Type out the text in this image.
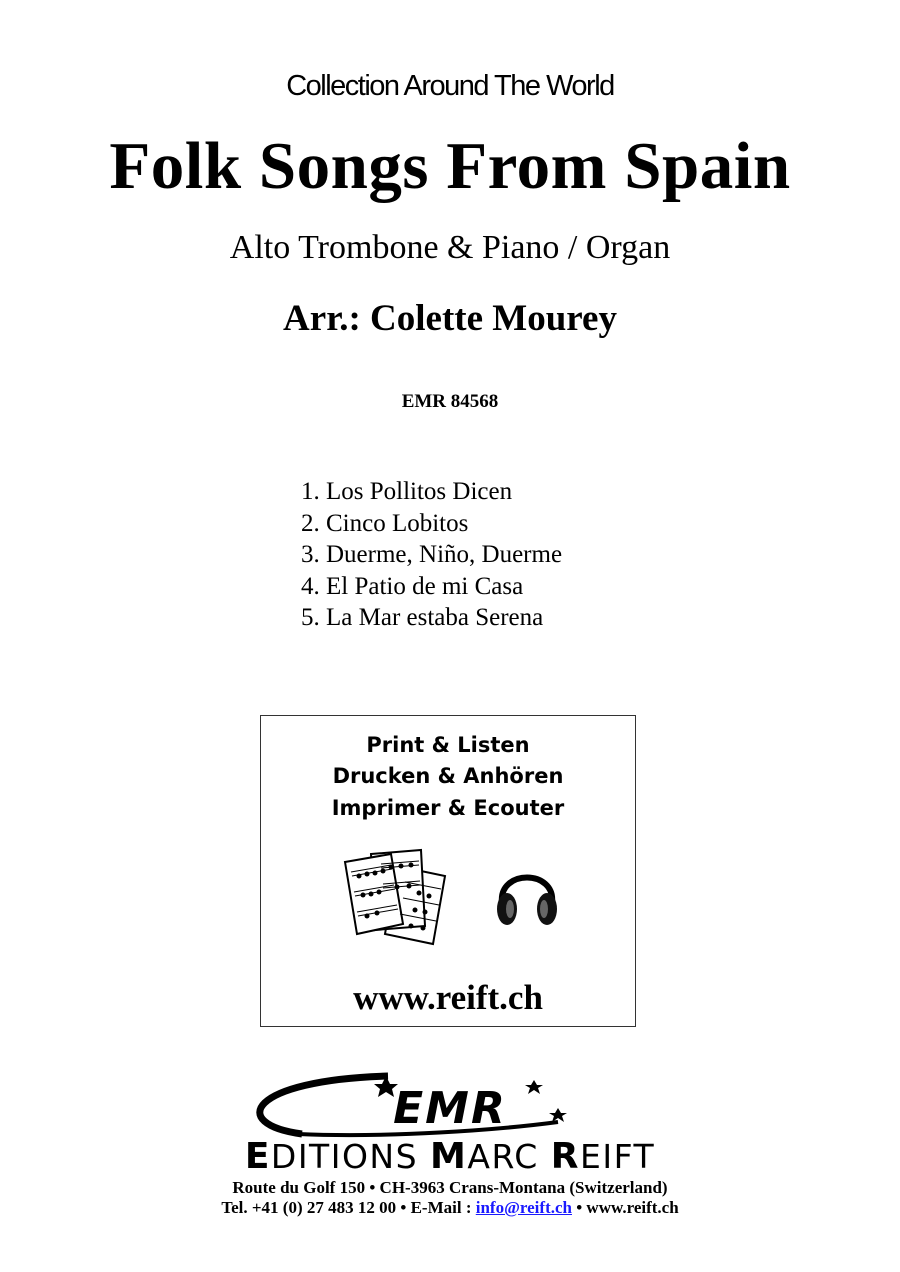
Collection Around The World
Folk Songs From Spain
Alto Trombone & Piano / Organ
Arr.: Colette Mourey
EMR 84568
1. Los Pollitos Dicen
2. Cinco Lobitos
3. Duerme, Niño, Duerme
4. El Patio de mi Casa
5. La Mar estaba Serena
Print & Listen
Drucken & Anhören
Imprimer & Ecouter
www.reift.ch
EMR
EDITIONS MARC REIFT
Route du Golf 150 • CH-3963 Crans-Montana (Switzerland)
Tel. +41 (0) 27 483 12 00 • E-Mail : info@reift.ch • www.reift.ch
